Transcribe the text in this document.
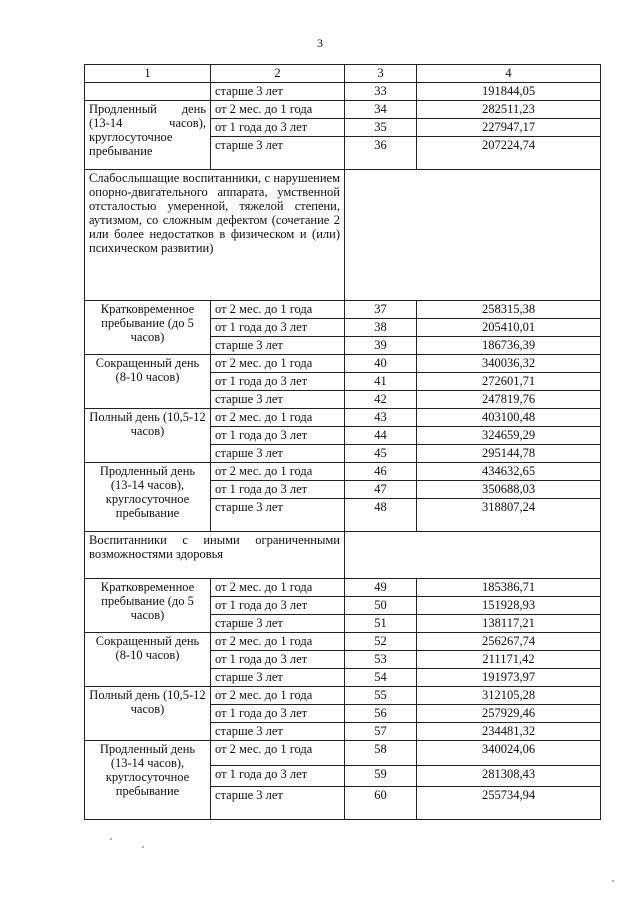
3
1	2	3	4
	старше 3 лет	33	191844,05
Продленный день (13-14 часов), круглосуточное пребывание	от 2 мес. до 1 года	34	282511,23
	от 1 года до 3 лет	35	227947,17
	старше 3 лет	36	207224,74
Слабослышащие воспитанники, с нарушением опорно-двигательного аппарата, умственной отсталостью умеренной, тяжелой степени, аутизмом, со сложным дефектом (сочетание 2 или более недостатков в физическом и (или) психическом развитии)			
Кратковременное пребывание (до 5 часов)	от 2 мес. до 1 года	37	258315,38
	от 1 года до 3 лет	38	205410,01
	старше 3 лет	39	186736,39
Сокращенный день (8-10 часов)	от 2 мес. до 1 года	40	340036,32
	от 1 года до 3 лет	41	272601,71
	старше 3 лет	42	247819,76
Полный день (10,5-12 часов)	от 2 мес. до 1 года	43	403100,48
	от 1 года до 3 лет	44	324659,29
	старше 3 лет	45	295144,78
Продленный день (13-14 часов), круглосуточное пребывание	от 2 мес. до 1 года	46	434632,65
	от 1 года до 3 лет	47	350688,03
	старше 3 лет	48	318807,24
Воспитанники с иными ограниченными возможностями здоровья			
Кратковременное пребывание (до 5 часов)	от 2 мес. до 1 года	49	185386,71
	от 1 года до 3 лет	50	151928,93
	старше 3 лет	51	138117,21
Сокращенный день (8-10 часов)	от 2 мес. до 1 года	52	256267,74
	от 1 года до 3 лет	53	211171,42
	старше 3 лет	54	191973,97
Полный день (10,5-12 часов)	от 2 мес. до 1 года	55	312105,28
	от 1 года до 3 лет	56	257929,46
	старше 3 лет	57	234481,32
Продленный день (13-14 часов), круглосуточное пребывание	от 2 мес. до 1 года	58	340024,06
	от 1 года до 3 лет	59	281308,43
	старше 3 лет	60	255734,94
